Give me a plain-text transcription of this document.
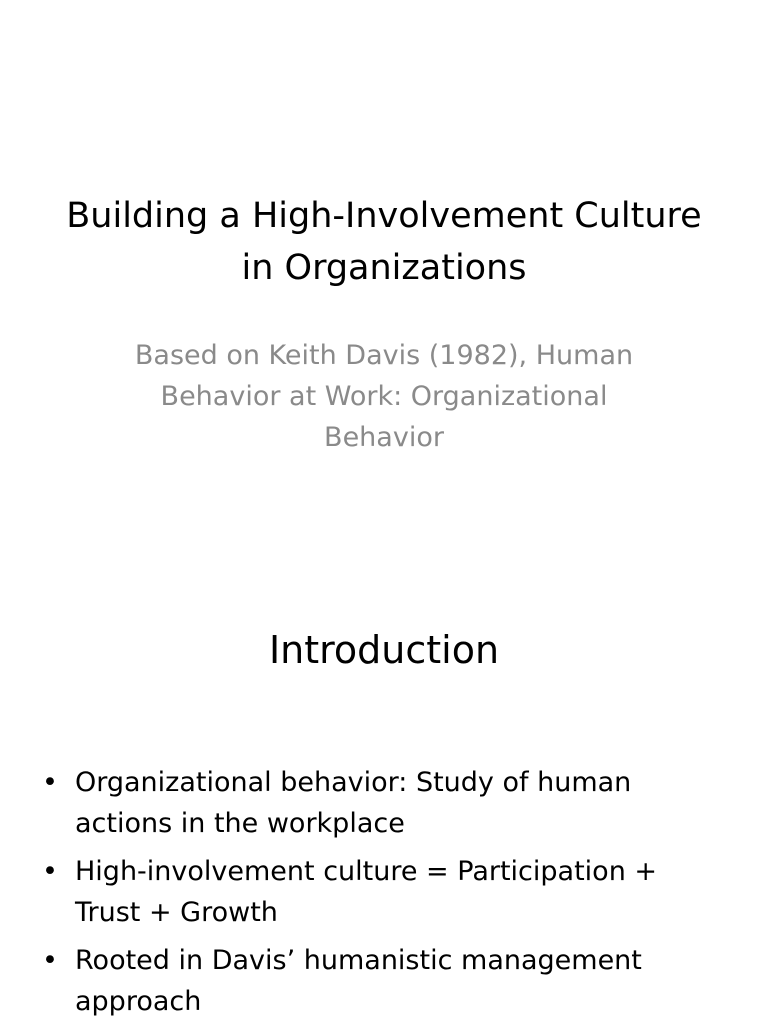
Building a High-Involvement Culture in Organizations

Based on Keith Davis (1982), Human Behavior at Work: Organizational Behavior

Introduction
• Organizational behavior: Study of human actions in the workplace
• High-involvement culture = Participation + Trust + Growth
• Rooted in Davis’ humanistic management approach
